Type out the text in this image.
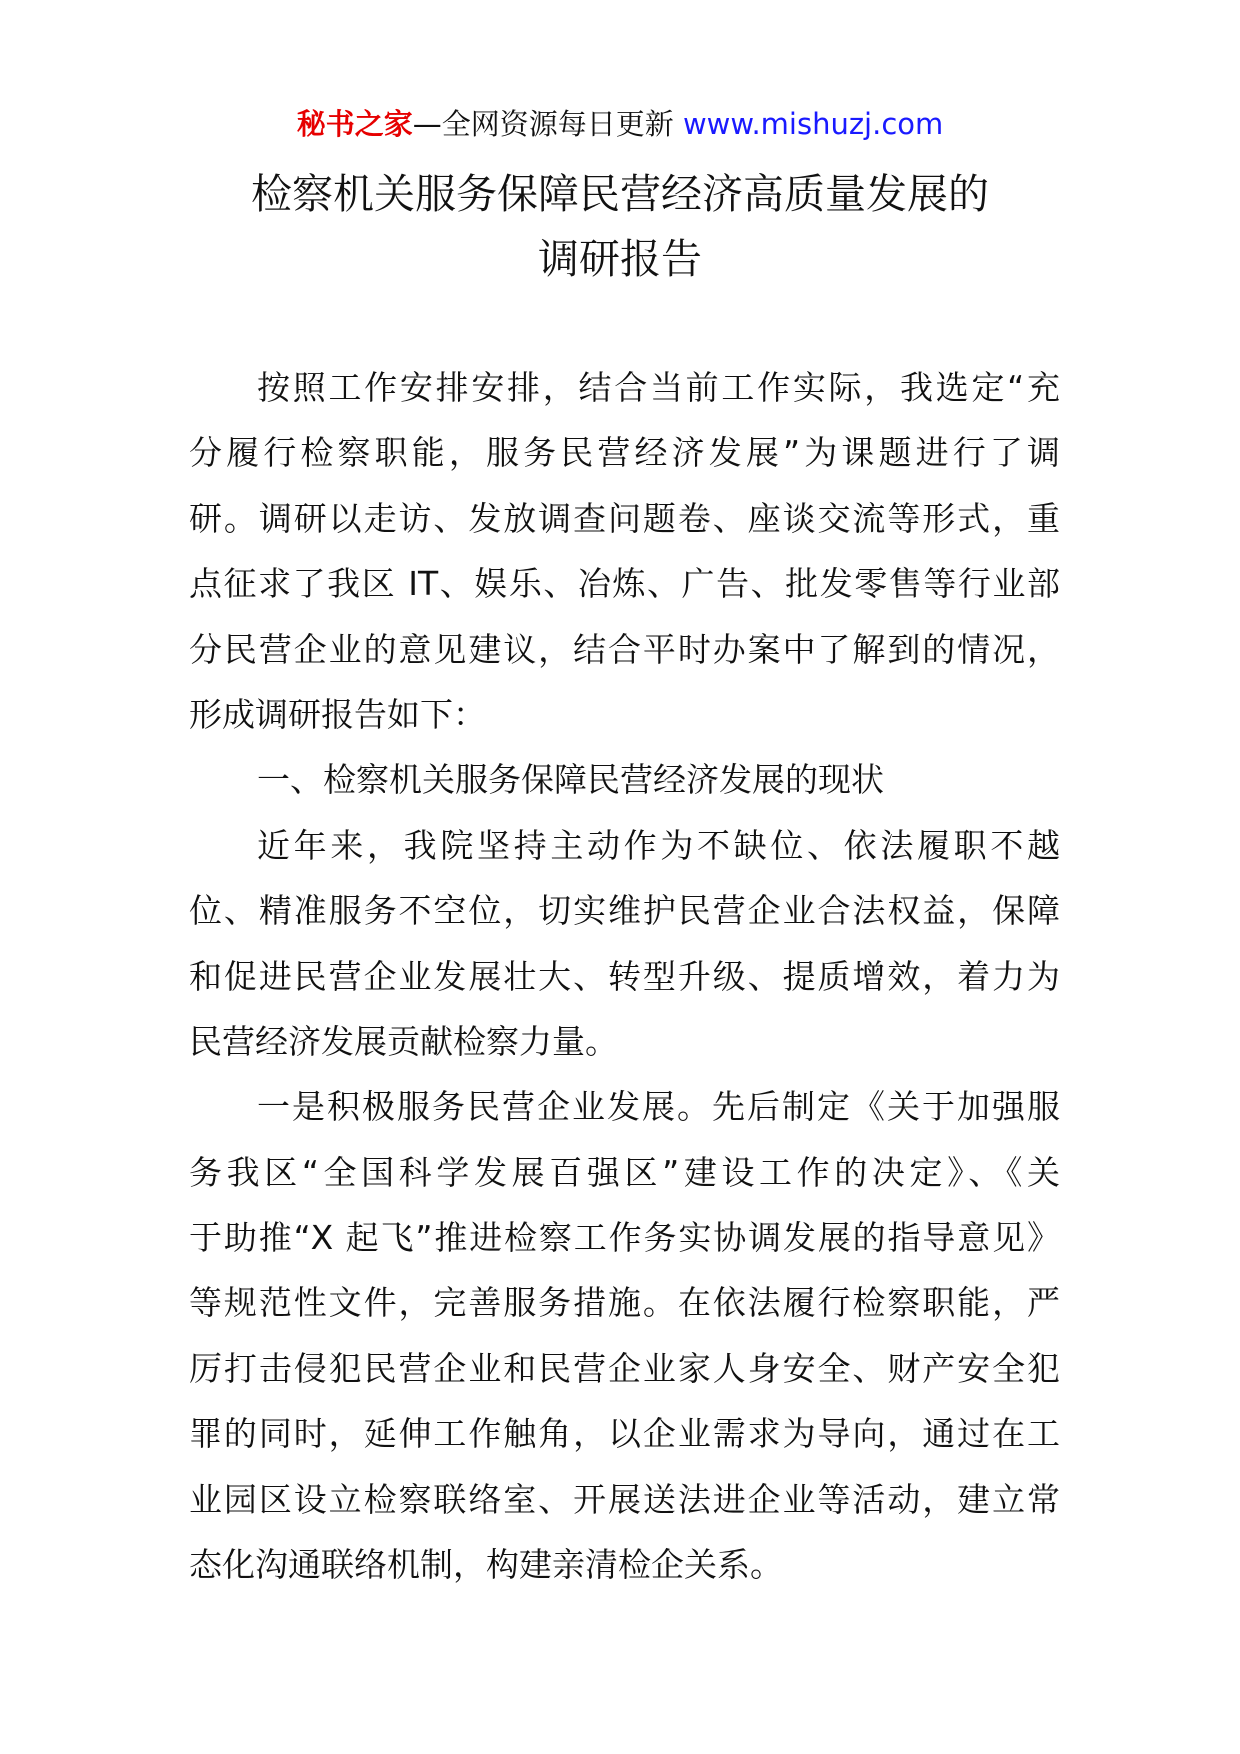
秘书之家—全网资源每日更新 www.mishuzj.com
检察机关服务保障民营经济高质量发展的
调研报告
按照工作安排安排，结合当前工作实际，我选定“充
分履行检察职能，服务民营经济发展”为课题进行了调
研。调研以走访、发放调查问题卷、座谈交流等形式，重
点征求了我区 IT、娱乐、冶炼、广告、批发零售等行业部
分民营企业的意见建议，结合平时办案中了解到的情况，
形成调研报告如下：
一、检察机关服务保障民营经济发展的现状
近年来，我院坚持主动作为不缺位、依法履职不越
位、精准服务不空位，切实维护民营企业合法权益，保障
和促进民营企业发展壮大、转型升级、提质增效，着力为
民营经济发展贡献检察力量。
一是积极服务民营企业发展。先后制定《关于加强服
务我区“全国科学发展百强区”建设工作的决定》、《关
于助推“X 起飞”推进检察工作务实协调发展的指导意见》
等规范性文件，完善服务措施。在依法履行检察职能，严
厉打击侵犯民营企业和民营企业家人身安全、财产安全犯
罪的同时，延伸工作触角，以企业需求为导向，通过在工
业园区设立检察联络室、开展送法进企业等活动，建立常
态化沟通联络机制，构建亲清检企关系。
